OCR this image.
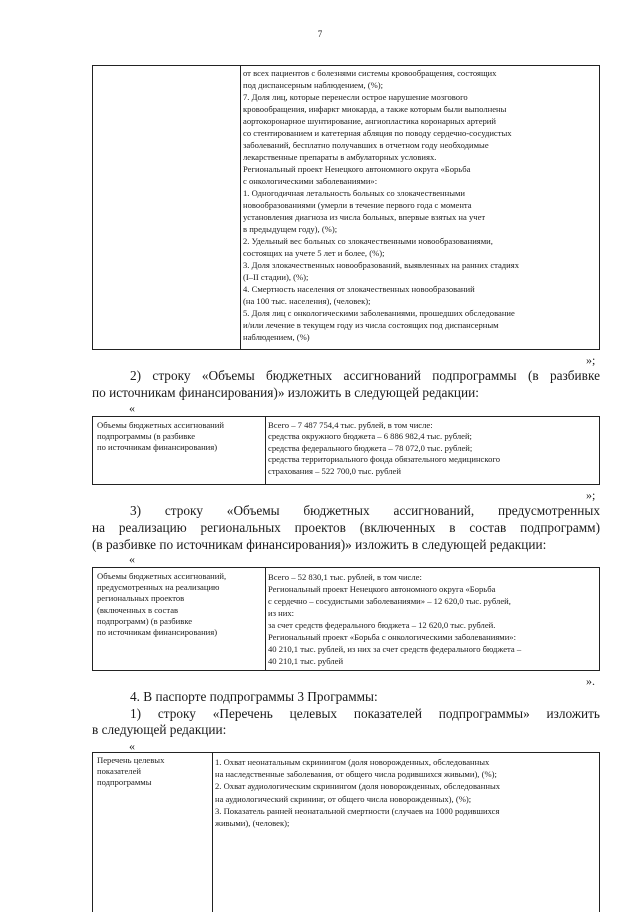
7
от всех пациентов с болезнями системы кровообращения, состоящих
под диспансерным наблюдением, (%);
7. Доля лиц, которые перенесли острое нарушение мозгового
кровообращения, инфаркт миокарда, а также которым были выполнены
аортокоронарное шунтирование, ангиопластика коронарных артерий
со стентированием и катетерная абляция по поводу сердечно-сосудистых
заболеваний, бесплатно получавших в отчетном году необходимые
лекарственные препараты в амбулаторных условиях.
Региональный проект Ненецкого автономного округа «Борьба
с онкологическими заболеваниями»:
1. Одногодичная летальность больных со злокачественными
новообразованиями (умерли в течение первого года с момента
установления диагноза из числа больных, впервые взятых на учет
в предыдущем году), (%);
2. Удельный вес больных со злокачественными новообразованиями,
состоящих на учете 5 лет и более, (%);
3. Доля злокачественных новообразований, выявленных на ранних стадиях
(I–II стадии), (%);
4. Смертность населения от злокачественных новообразований
(на 100 тыс. населения), (человек);
5. Доля лиц с онкологическими заболеваниями, прошедших обследование
и/или лечение в текущем году из числа состоящих под диспансерным
наблюдением, (%)
»;
2) строку «Объемы бюджетных ассигнований подпрограммы (в разбивке
по источникам финансирования)» изложить в следующей редакции:
«
Объемы бюджетных ассигнований
подпрограммы (в разбивке
по источникам финансирования)
Всего – 7 487 754,4 тыс. рублей, в том числе:
средства окружного бюджета – 6 886 982,4 тыс. рублей;
средства федерального бюджета – 78 072,0 тыс. рублей;
средства территориального фонда обязательного медицинского
страхования – 522 700,0 тыс. рублей
»;
3) строку «Объемы бюджетных ассигнований, предусмотренных
на реализацию региональных проектов (включенных в состав подпрограмм)
(в разбивке по источникам финансирования)» изложить в следующей редакции:
«
Объемы бюджетных ассигнований,
предусмотренных на реализацию
региональных проектов
(включенных в состав
подпрограмм) (в разбивке
по источникам финансирования)
Всего – 52 830,1 тыс. рублей, в том числе:
Региональный проект Ненецкого автономного округа «Борьба
с сердечно – сосудистыми заболеваниями» – 12 620,0 тыс. рублей,
из них:
за счет средств федерального бюджета – 12 620,0 тыс. рублей.
Региональный проект «Борьба с онкологическими заболеваниями»:
40 210,1 тыс. рублей, из них за счет средств федерального бюджета –
40 210,1 тыс. рублей
».
4. В паспорте подпрограммы 3 Программы:
1) строку «Перечень целевых показателей подпрограммы» изложить
в следующей редакции:
«
Перечень целевых
показателей
подпрограммы
1. Охват неонатальным скринингом (доля новорожденных, обследованных
на наследственные заболевания, от общего числа родившихся живыми), (%);
2. Охват аудиологическим скринингом (доля новорожденных, обследованных
на аудиологический скрининг, от общего числа новорожденных), (%);
3. Показатель ранней неонатальной смертности (случаев на 1000 родившихся
живыми), (человек);
